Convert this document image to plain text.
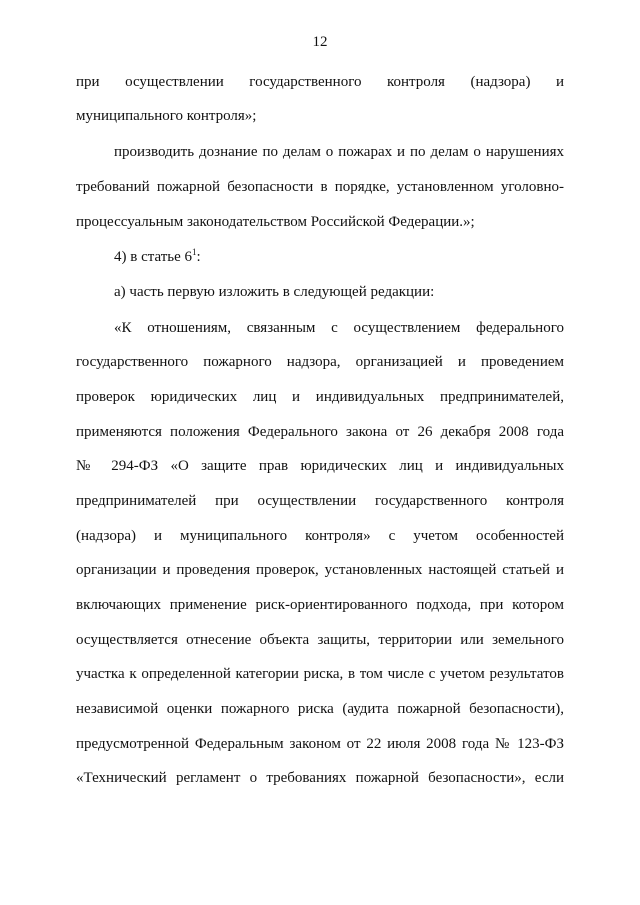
12
при осуществлении государственного контроля (надзора) и
муниципального контроля»;
производить дознание по делам о пожарах и по делам о нарушениях
требований пожарной безопасности в порядке, установленном уголовно-
процессуальным законодательством Российской Федерации.»;
4) в статье $6^1$:
а) часть первую изложить в следующей редакции:
«К отношениям, связанным с осуществлением федерального
государственного пожарного надзора, организацией и проведением
проверок юридических лиц и индивидуальных предпринимателей,
применяются положения Федерального закона от 26 декабря 2008 года
№ 294-ФЗ «О защите прав юридических лиц и индивидуальных
предпринимателей при осуществлении государственного контроля
(надзора) и муниципального контроля» с учетом особенностей
организации и проведения проверок, установленных настоящей статьей и
включающих применение риск-ориентированного подхода, при котором
осуществляется отнесение объекта защиты, территории или земельного
участка к определенной категории риска, в том числе с учетом результатов
независимой оценки пожарного риска (аудита пожарной безопасности),
предусмотренной Федеральным законом от 22 июля 2008 года № 123-ФЗ
«Технический регламент о требованиях пожарной безопасности», если
